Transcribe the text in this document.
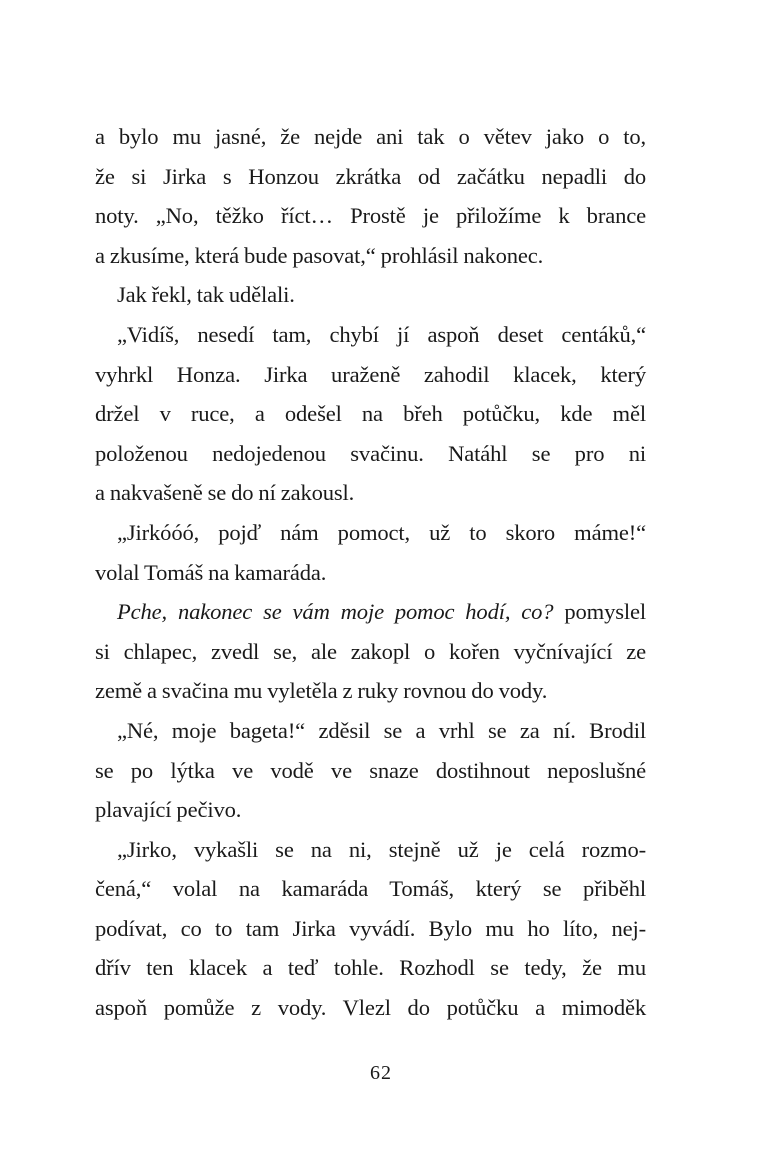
a bylo mu jasné, že nejde ani tak o větev jako o to,
že si Jirka s Honzou zkrátka od začátku nepadli do
noty. „No, těžko říct… Prostě je přiložíme k brance
a zkusíme, která bude pasovat,“ prohlásil nakonec.
Jak řekl, tak udělali.
„Vidíš, nesedí tam, chybí jí aspoň deset centáků,“
vyhrkl Honza. Jirka uraženě zahodil klacek, který
držel v ruce, a odešel na břeh potůčku, kde měl
položenou nedojedenou svačinu. Natáhl se pro ni
a nakvašeně se do ní zakousl.
„Jirkóóó, pojď nám pomoct, už to skoro máme!“
volal Tomáš na kamaráda.
Pche, nakonec se vám moje pomoc hodí, co? pomyslel
si chlapec, zvedl se, ale zakopl o kořen vyčnívající ze
země a svačina mu vyletěla z ruky rovnou do vody.
„Né, moje bageta!“ zděsil se a vrhl se za ní. Brodil
se po lýtka ve vodě ve snaze dostihnout neposlušné
plavající pečivo.
„Jirko, vykašli se na ni, stejně už je celá rozmo-
čená,“ volal na kamaráda Tomáš, který se přiběhl
podívat, co to tam Jirka vyvádí. Bylo mu ho líto, nej-
dřív ten klacek a teď tohle. Rozhodl se tedy, že mu
aspoň pomůže z vody. Vlezl do potůčku a mimoděk
62
